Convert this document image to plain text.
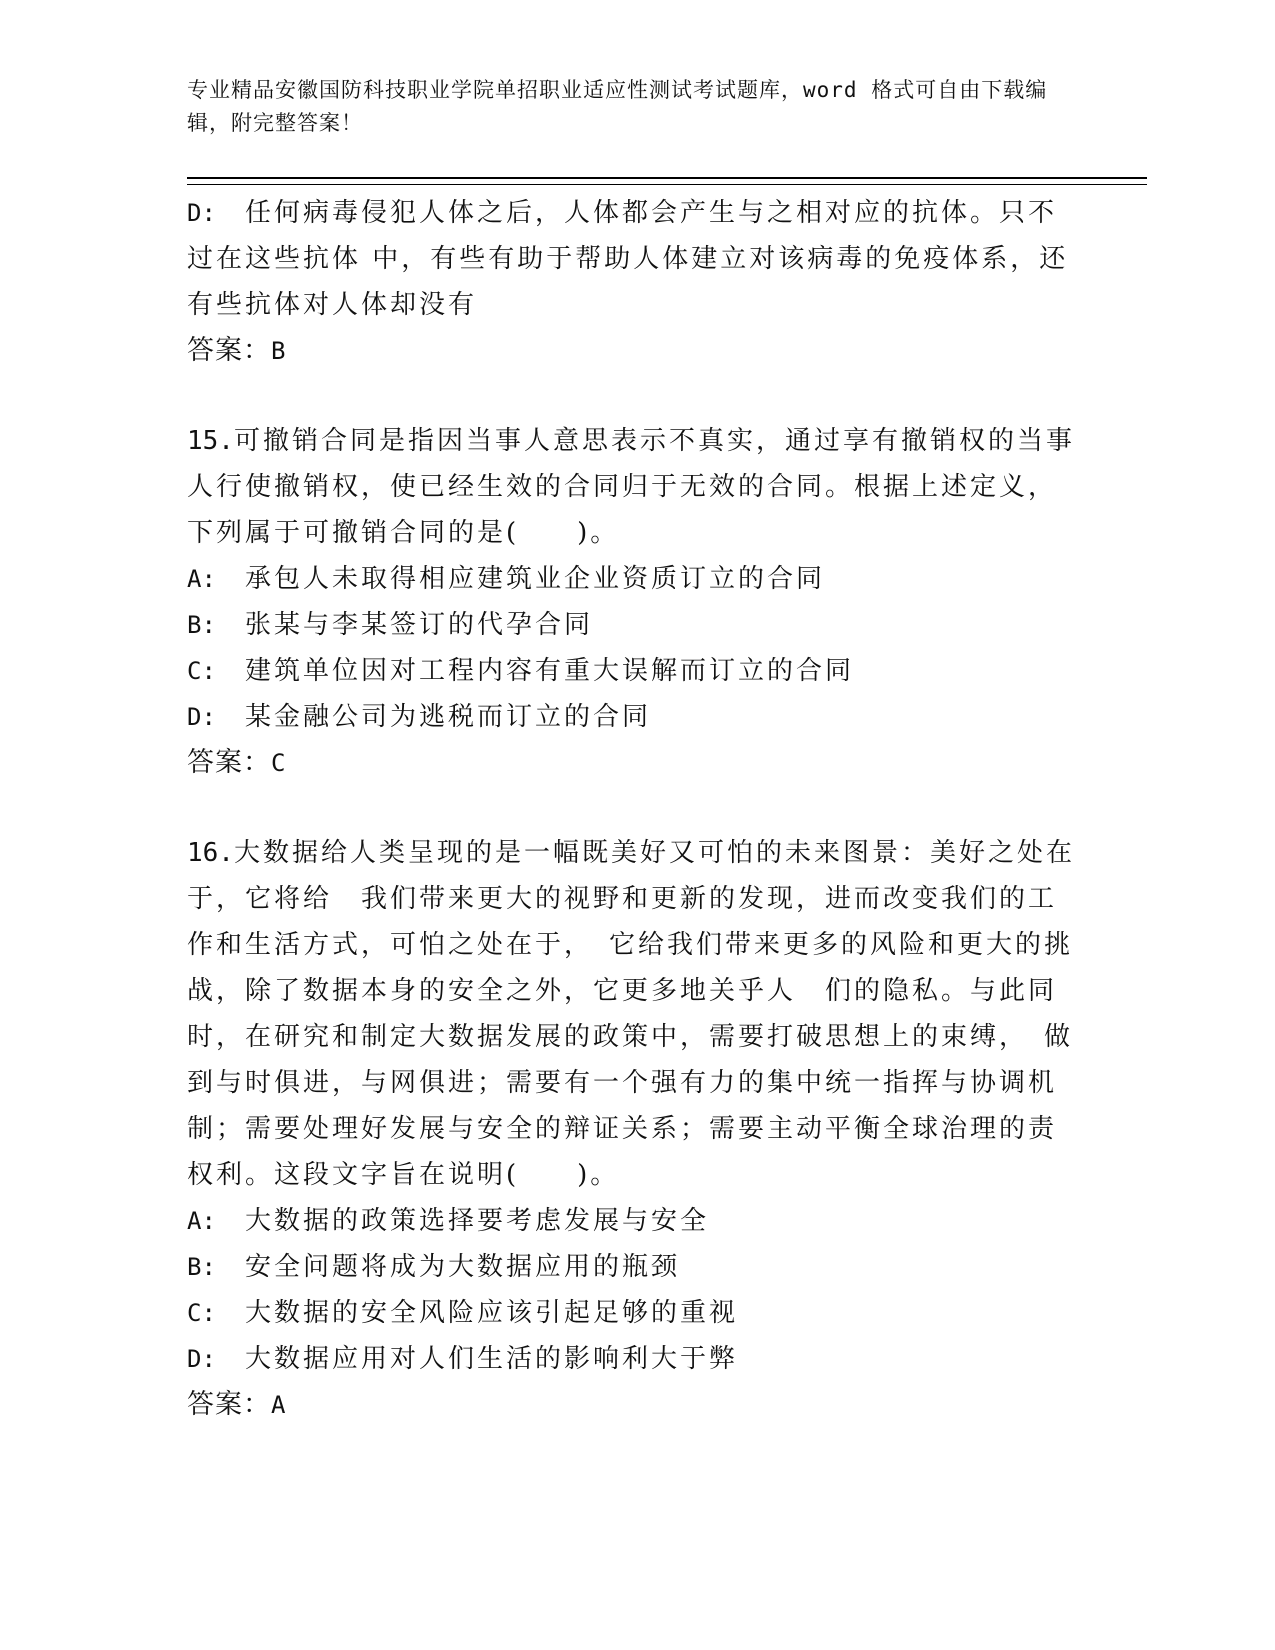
专业精品安徽国防科技职业学院单招职业适应性测试考试题库，word 格式可自由下载编辑，附完整答案！

D: 任何病毒侵犯人体之后，人体都会产生与之相对应的抗体。只不过在这些抗体 中，有些有助于帮助人体建立对该病毒的免疫体系，还有些抗体对人体却没有

答案：B

15.可撤销合同是指因当事人意思表示不真实，通过享有撤销权的当事人行使撤销权，使已经生效的合同归于无效的合同。根据上述定义，下列属于可撤销合同的是(　　)。

A: 承包人未取得相应建筑业企业资质订立的合同

B: 张某与李某签订的代孕合同

C: 建筑单位因对工程内容有重大误解而订立的合同

D: 某金融公司为逃税而订立的合同

答案：C

16.大数据给人类呈现的是一幅既美好又可怕的未来图景：美好之处在于，它将给　我们带来更大的视野和更新的发现，进而改变我们的工作和生活方式，可怕之处在于，　它给我们带来更多的风险和更大的挑战，除了数据本身的安全之外，它更多地关乎人　们的隐私。与此同时，在研究和制定大数据发展的政策中，需要打破思想上的束缚，　做到与时俱进，与网俱进；需要有一个强有力的集中统一指挥与协调机制；需要处理好发展与安全的辩证关系；需要主动平衡全球治理的责权利。这段文字旨在说明(　　)。

A: 大数据的政策选择要考虑发展与安全

B: 安全问题将成为大数据应用的瓶颈

C: 大数据的安全风险应该引起足够的重视

D: 大数据应用对人们生活的影响利大于弊

答案：A
